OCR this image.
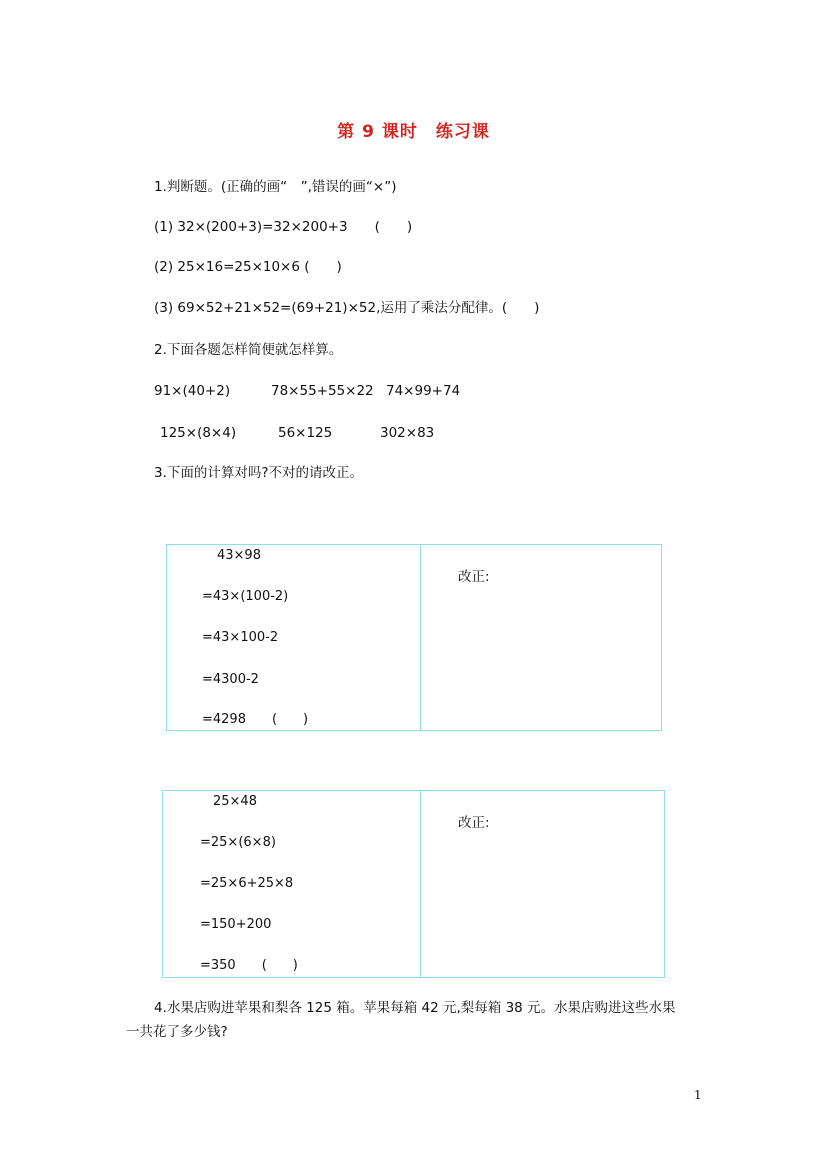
第 9 课时　练习课
1.判断题。(正确的画“　”,错误的画“×”)
(1) 32×(200+3)=32×200+3　　(　　)
(2) 25×16=25×10×6 (　　)
(3) 69×52+21×52=(69+21)×52,运用了乘法分配律。(　　)
2.下面各题怎样简便就怎样算。
91×(40+2)	78×55+55×22 74×99+74
125×(8×4)	56×125	302×83
3.下面的计算对吗?不对的请改正。
43×98
=43×(100-2)
=43×100-2
=4300-2
=4298　　(　　)
改正:
25×48
=25×(6×8)
=25×6+25×8
=150+200
=350　　(　　)
改正:
4.水果店购进苹果和梨各 125 箱。苹果每箱 42 元,梨每箱 38 元。水果店购进这些水果
一共花了多少钱?
1
